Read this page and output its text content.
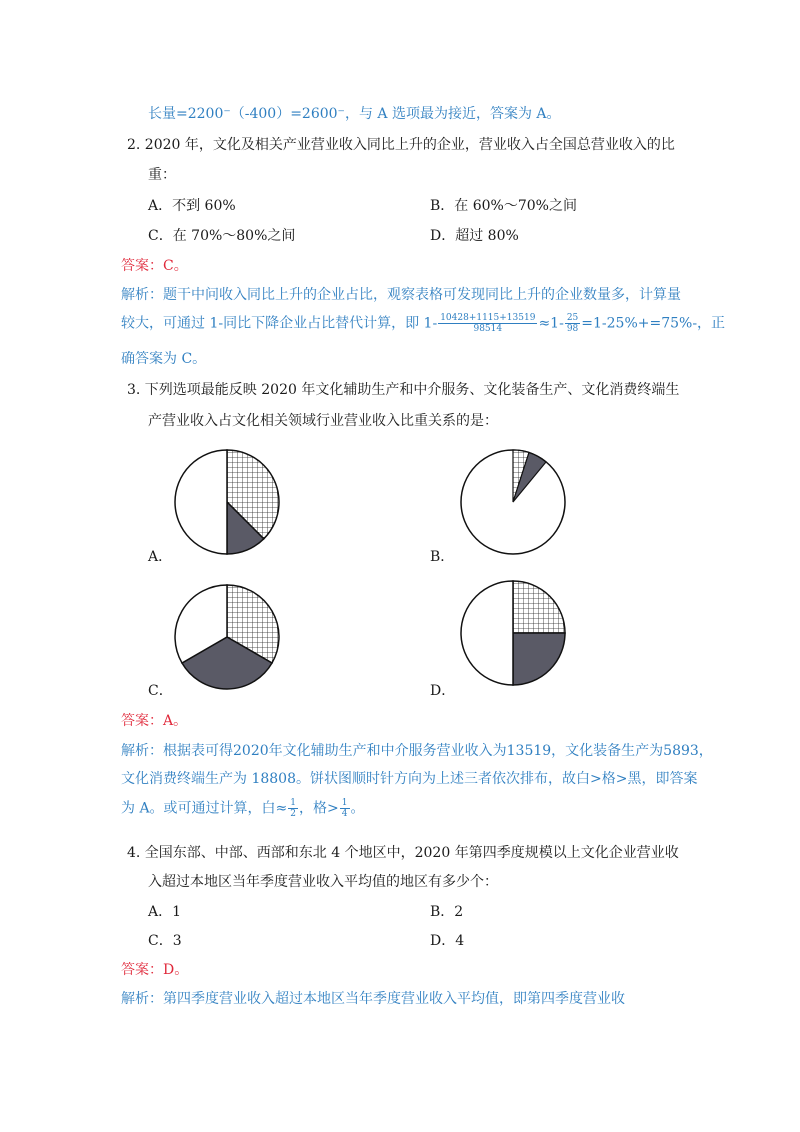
长量=2200⁻（-400）=2600⁻，与 A 选项最为接近，答案为 A。
2. 2020 年，文化及相关产业营业收入同比上升的企业，营业收入占全国总营业收入的比
重：
A．不到 60%	B．在 60%～70%之间
C．在 70%～80%之间	D．超过 80%
答案：C。
解析：题干中问收入同比上升的企业占比，观察表格可发现同比上升的企业数量多，计算量
较大，可通过 1-同比下降企业占比替代计算，即 $1- \frac{10428+1115+13519}{98514} \approx 1- \frac{25}{98} =1-25\%+=75\%-$，正
确答案为 C。
3. 下列选项最能反映 2020 年文化辅助生产和中介服务、文化装备生产、文化消费终端生
产营业收入占文化相关领域行业营业收入比重关系的是：
A．	B．
C．	D．
答案：A。
解析：根据表可得2020年文化辅助生产和中介服务营业收入为13519，文化装备生产为5893，
文化消费终端生产为 18808。饼状图顺时针方向为上述三者依次排布，故白>格>黑，即答案
为 A。或可通过计算，白≈ $\frac{1}{2}$ ，格> $\frac{1}{4}$ 。
4. 全国东部、中部、西部和东北 4 个地区中，2020 年第四季度规模以上文化企业营业收
入超过本地区当年季度营业收入平均值的地区有多少个：
A．1	B．2
C．3	D．4
答案：D。
解析：第四季度营业收入超过本地区当年季度营业收入平均值，即第四季度营业收
